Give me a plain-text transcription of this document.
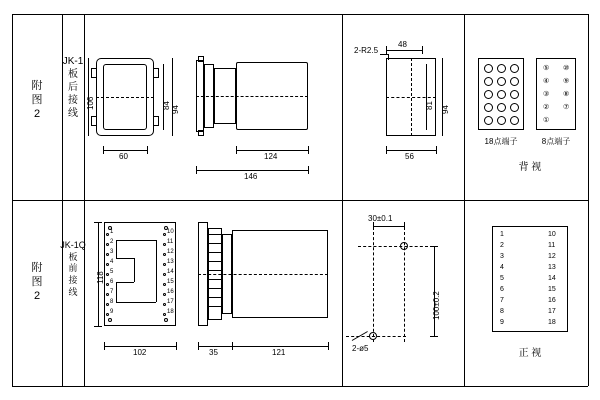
附
图
2
附
图
2
JK-1
板
后
接
线
JK-1Q
板
前
接
线
106	84 94
60	124
146
2-R2.5
48
81 94
56
⑤
④
③
②
①
⑩
⑨
⑧
⑦
18点端子	8点端子
背 视
1
2
3
4
5
6
7
8
9
10
11
12
13
14
15
16
17
18
118
102	35	121
30±0.1
100±0.2
2-ø5
1
2
3
4
5
6
7
8
9
10
11
12
13
14
15
16
17
18
正 视
